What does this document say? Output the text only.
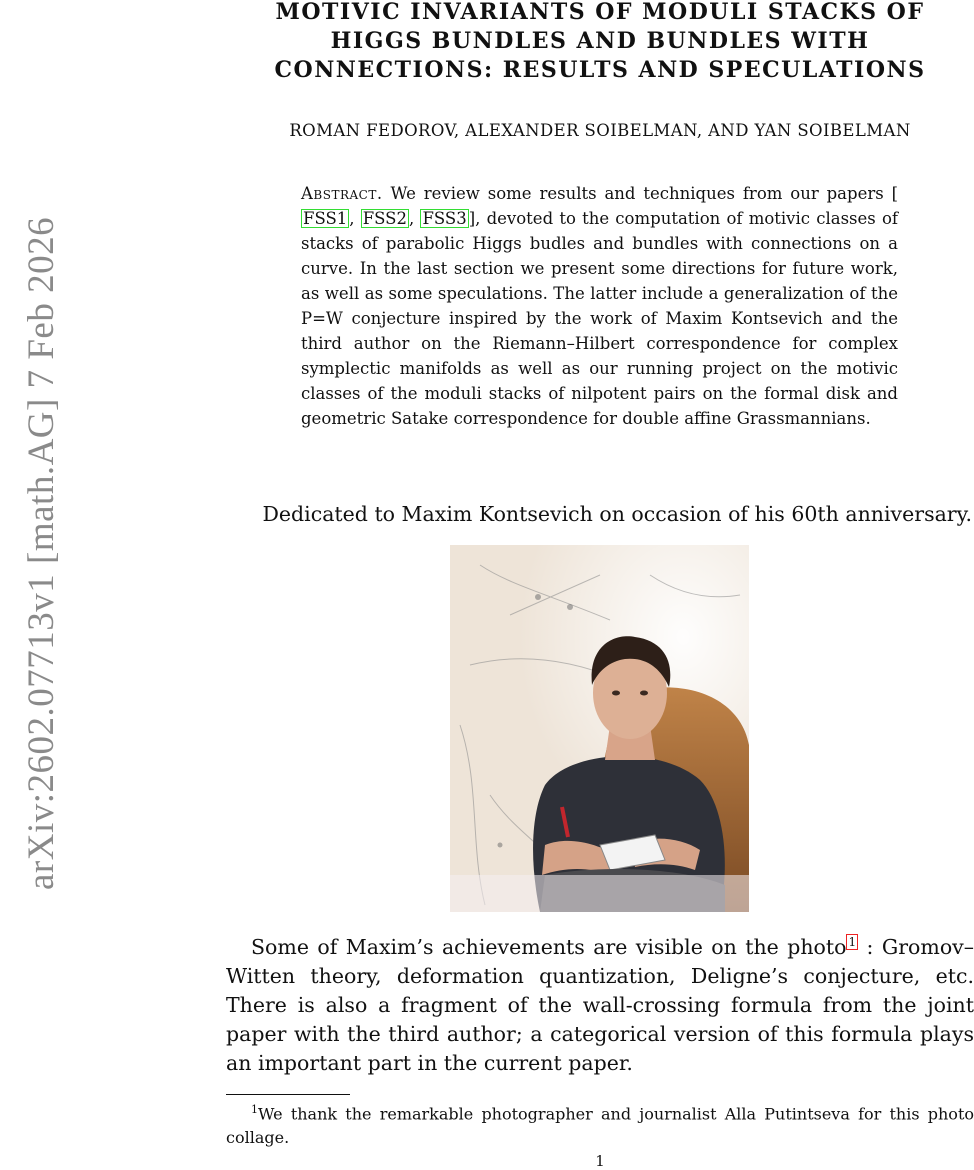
arXiv:2602.07713v1 [math.AG] 7 Feb 2026
MOTIVIC INVARIANTS OF MODULI STACKS OF HIGGS BUNDLES AND BUNDLES WITH CONNECTIONS: RESULTS AND SPECULATIONS
ROMAN FEDOROV, ALEXANDER SOIBELMAN, AND YAN SOIBELMAN
Abstract. We review some results and techniques from our papers [FSS1 , FSS2 , FSS3 ], devoted to the computation of motivic classes of stacks of parabolic Higgs budles and bundles with connections on a curve. In the last section we present some directions for future work, as well as some speculations. The latter include a generalization of the P=W conjecture inspired by the work of Maxim Kontsevich and the third author on the Riemann–Hilbert correspondence for complex symplectic manifolds as well as our running project on the motivic classes of the moduli stacks of nilpotent pairs on the formal disk and geometric Satake correspondence for double affine Grassmannians.
Dedicated to Maxim Kontsevich on occasion of his 60th anniversary.
Some of Maxim’s achievements are visible on the photo 1 : Gromov–Witten theory, deformation quantization, Deligne’s conjecture, etc. There is also a fragment of the wall-crossing formula from the joint paper with the third author; a categorical version of this formula plays an important part in the current paper.
$^1$We thank the remarkable photographer and journalist Alla Putintseva for this photo collage.
1
